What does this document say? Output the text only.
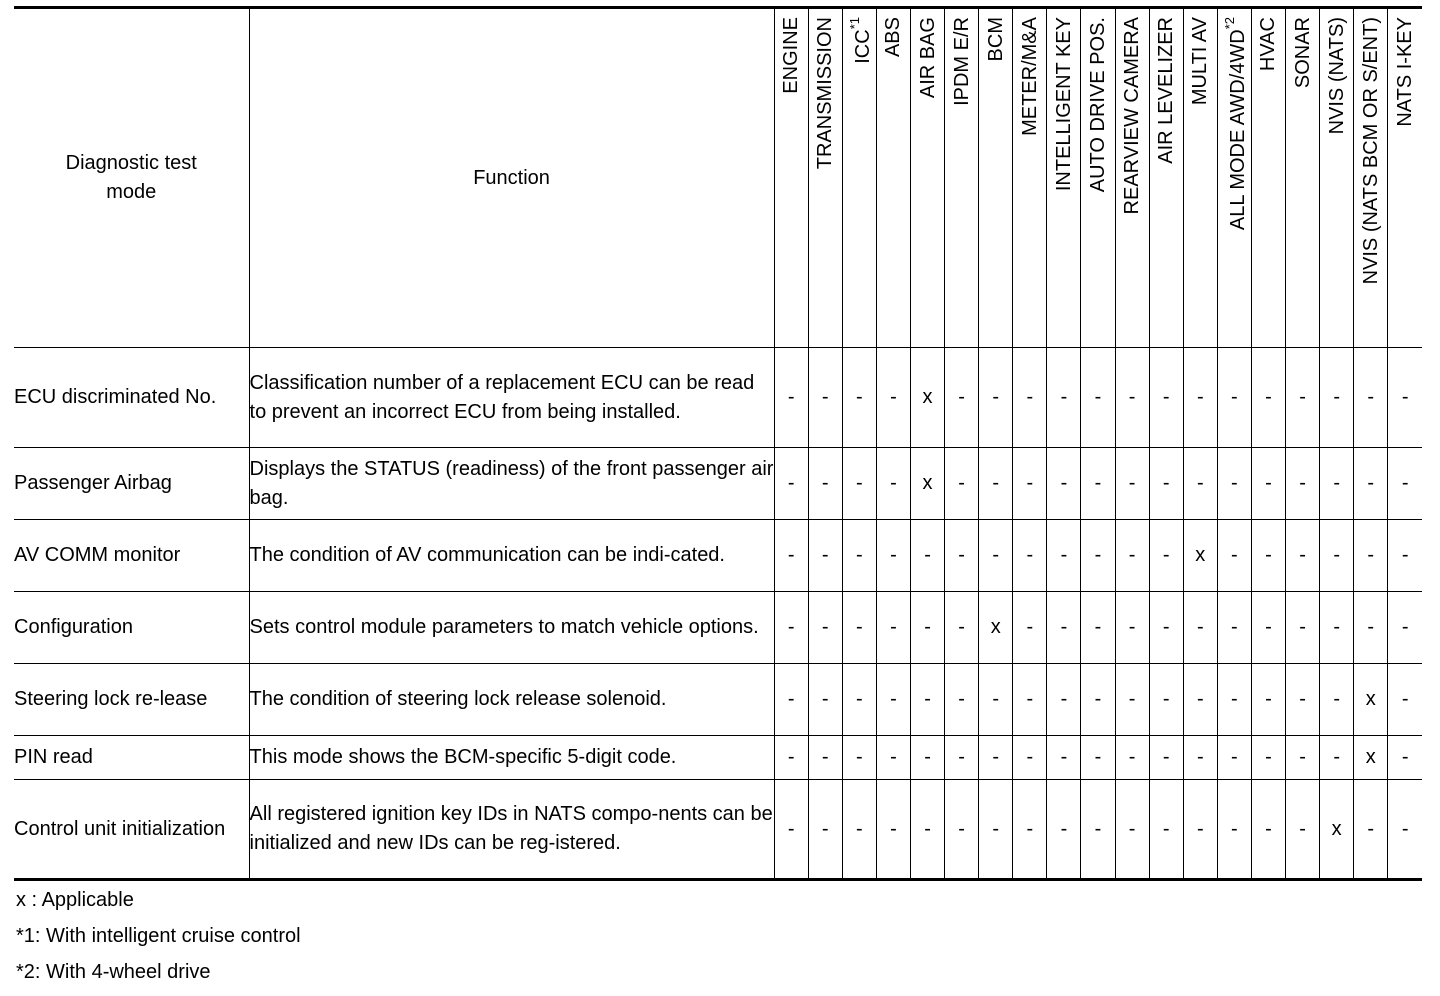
Diagnostic test mode	Function	ENGINE	TRANSMISSION	ICC$^{*1}$	ABS	AIR BAG	IPDM E/R	BCM	METER/M&A	INTELLIGENT KEY	AUTO DRIVE POS.	REARVIEW CAMERA	AIR LEVELIZER	MULTI AV	ALL MODE AWD/4WD$^{*2}$	HVAC	SONAR	NVIS (NATS)	NVIS (NATS BCM OR S/ENT)	NATS I-KEY

ECU discriminated No.	Classification number of a replacement ECU can be read to prevent an incorrect ECU from being installed.	-	-	-	-	x	-	-	-	-	-	-	-	-	-	-	-	-	-	-
Passenger Airbag	Displays the STATUS (readiness) of the front passenger air bag.	-	-	-	-	x	-	-	-	-	-	-	-	-	-	-	-	-	-	-
AV COMM monitor	The condition of AV communication can be indi-cated.	-	-	-	-	-	-	-	-	-	-	-	-	x	-	-	-	-	-	-
Configuration	Sets control module parameters to match vehicle options.	-	-	-	-	-	-	x	-	-	-	-	-	-	-	-	-	-	-	-
Steering lock re-lease	The condition of steering lock release solenoid.	-	-	-	-	-	-	-	-	-	-	-	-	-	-	-	-	-	x	-
PIN read	This mode shows the BCM-specific 5-digit code.	-	-	-	-	-	-	-	-	-	-	-	-	-	-	-	-	-	x	-
Control unit initialization	All registered ignition key IDs in NATS compo-nents can be initialized and new IDs can be reg-istered.	-	-	-	-	-	-	-	-	-	-	-	-	-	-	-	-	x	-	-
x : Applicable
*1: With intelligent cruise control
*2: With 4-wheel drive
